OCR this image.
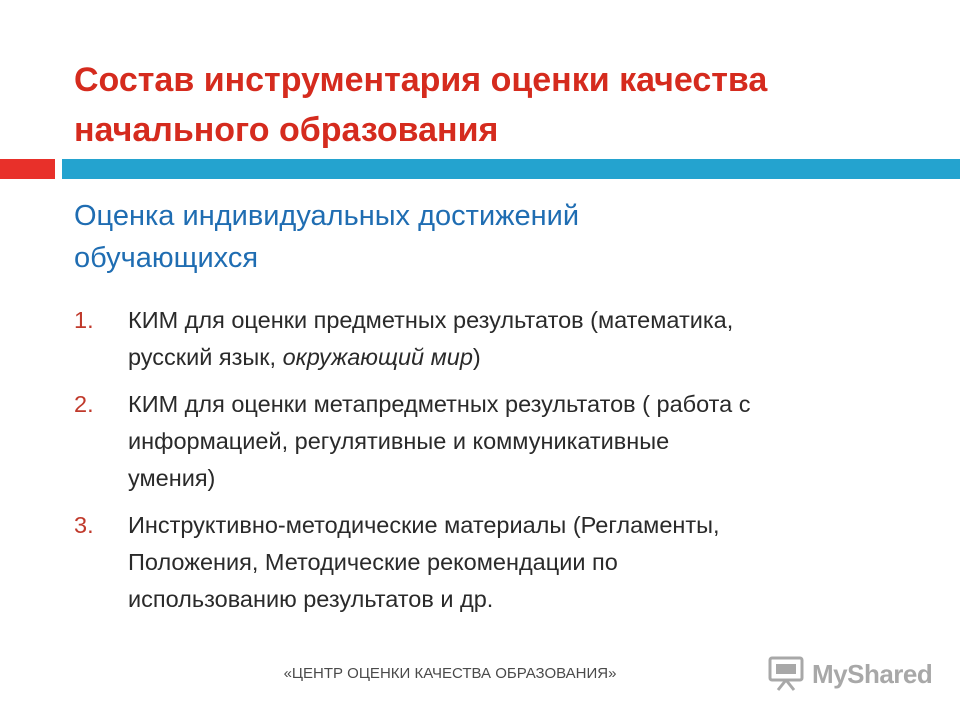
Состав инструментария оценки качества
начального образования
Оценка индивидуальных достижений
обучающихся
1. КИМ для оценки предметных результатов (математика,
русский язык, окружающий мир)
2. КИМ для оценки метапредметных результатов ( работа с
информацией, регулятивные и коммуникативные
умения)
3. Инструктивно-методические материалы (Регламенты,
Положения, Методические рекомендации по
использованию результатов и др.
«ЦЕНТР ОЦЕНКИ КАЧЕСТВА ОБРАЗОВАНИЯ»	MyShared
